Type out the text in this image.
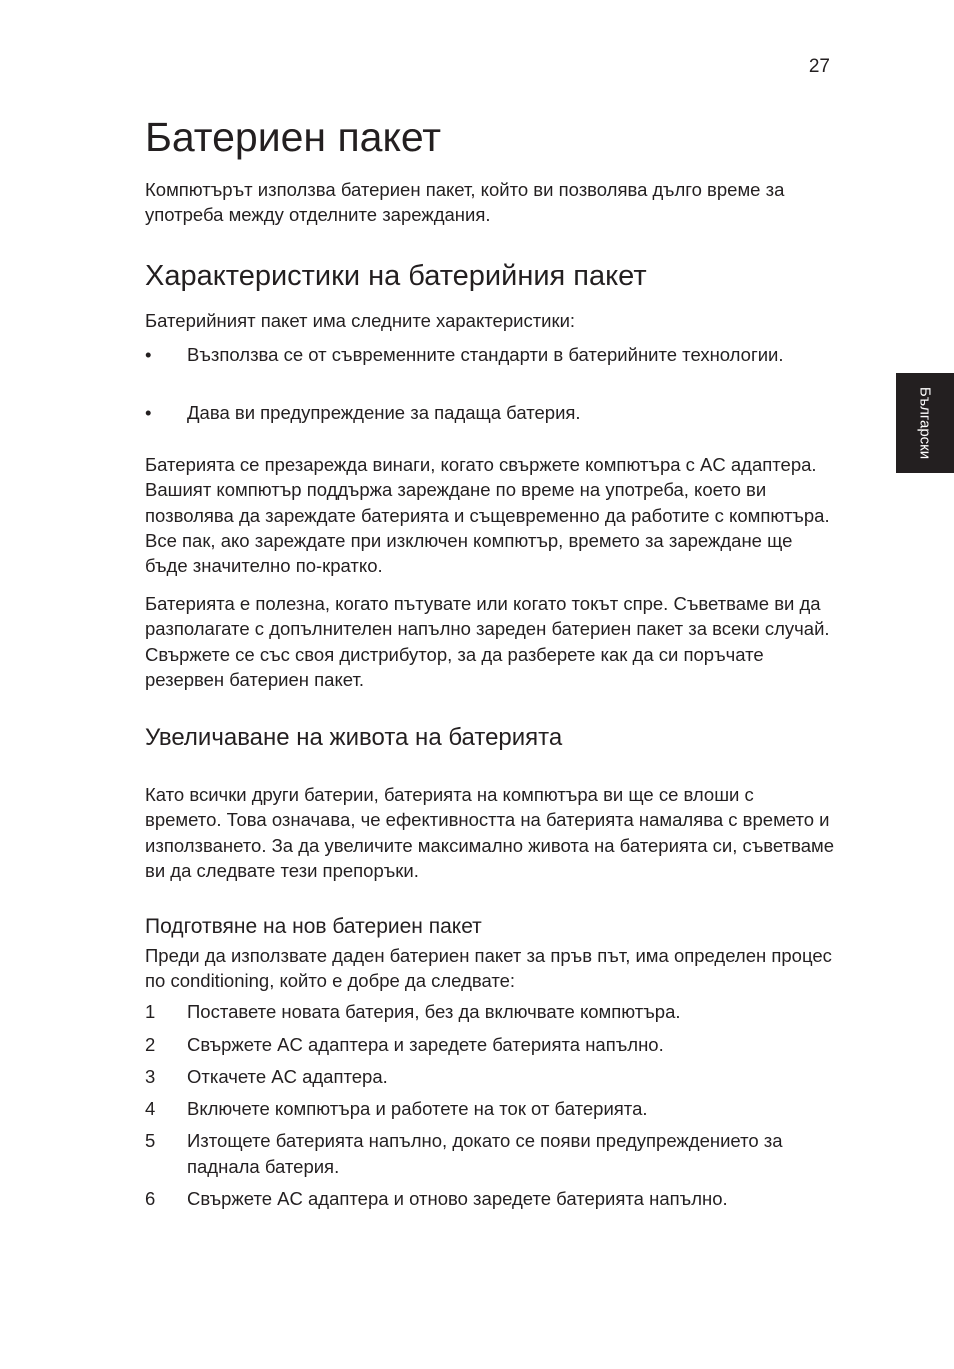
27
Български
Батериен пакет

Компютърът използва батериен пакет, който ви позволява дълго време за употреба между отделните зареждания.

Характеристики на батерийния пакет

Батерийният пакет има следните характеристики:

• Възползва се от съвременните стандарти в батерийните технологии.
• Дава ви предупреждение за падаща батерия.

Батерията се презарежда винаги, когато свържете компютъра с AC адаптера. Вашият компютър поддържа зареждане по време на употреба, което ви позволява да зареждате батерията и същевременно да работите с компютъра. Все пак, ако зареждате при изключен компютър, времето за зареждане ще бъде значително по-кратко.

Батерията е полезна, когато пътувате или когато токът спре. Съветваме ви да разполагате с допълнителен напълно зареден батериен пакет за всеки случай. Свържете се със своя дистрибутор, за да разберете как да си поръчате резервен батериен пакет.

Увеличаване на живота на батерията

Като всички други батерии, батерията на компютъра ви ще се влоши с времето. Това означава, че ефективността на батерията намалява с времето и използването. За да увеличите максимално живота на батерията си, съветваме ви да следвате тези препоръки.

Подготвяне на нов батериен пакет

Преди да използвате даден батериен пакет за пръв път, има определен процес по conditioning, който е добре да следвате:

1 Поставете новата батерия, без да включвате компютъра.
2 Свържете AC адаптера и заредете батерията напълно.
3 Откачете AC адаптера.
4 Включете компютъра и работете на ток от батерията.
5 Изтощете батерията напълно, докато се появи предупреждението за паднала батерия.
6 Свържете AC адаптера и отново заредете батерията напълно.
